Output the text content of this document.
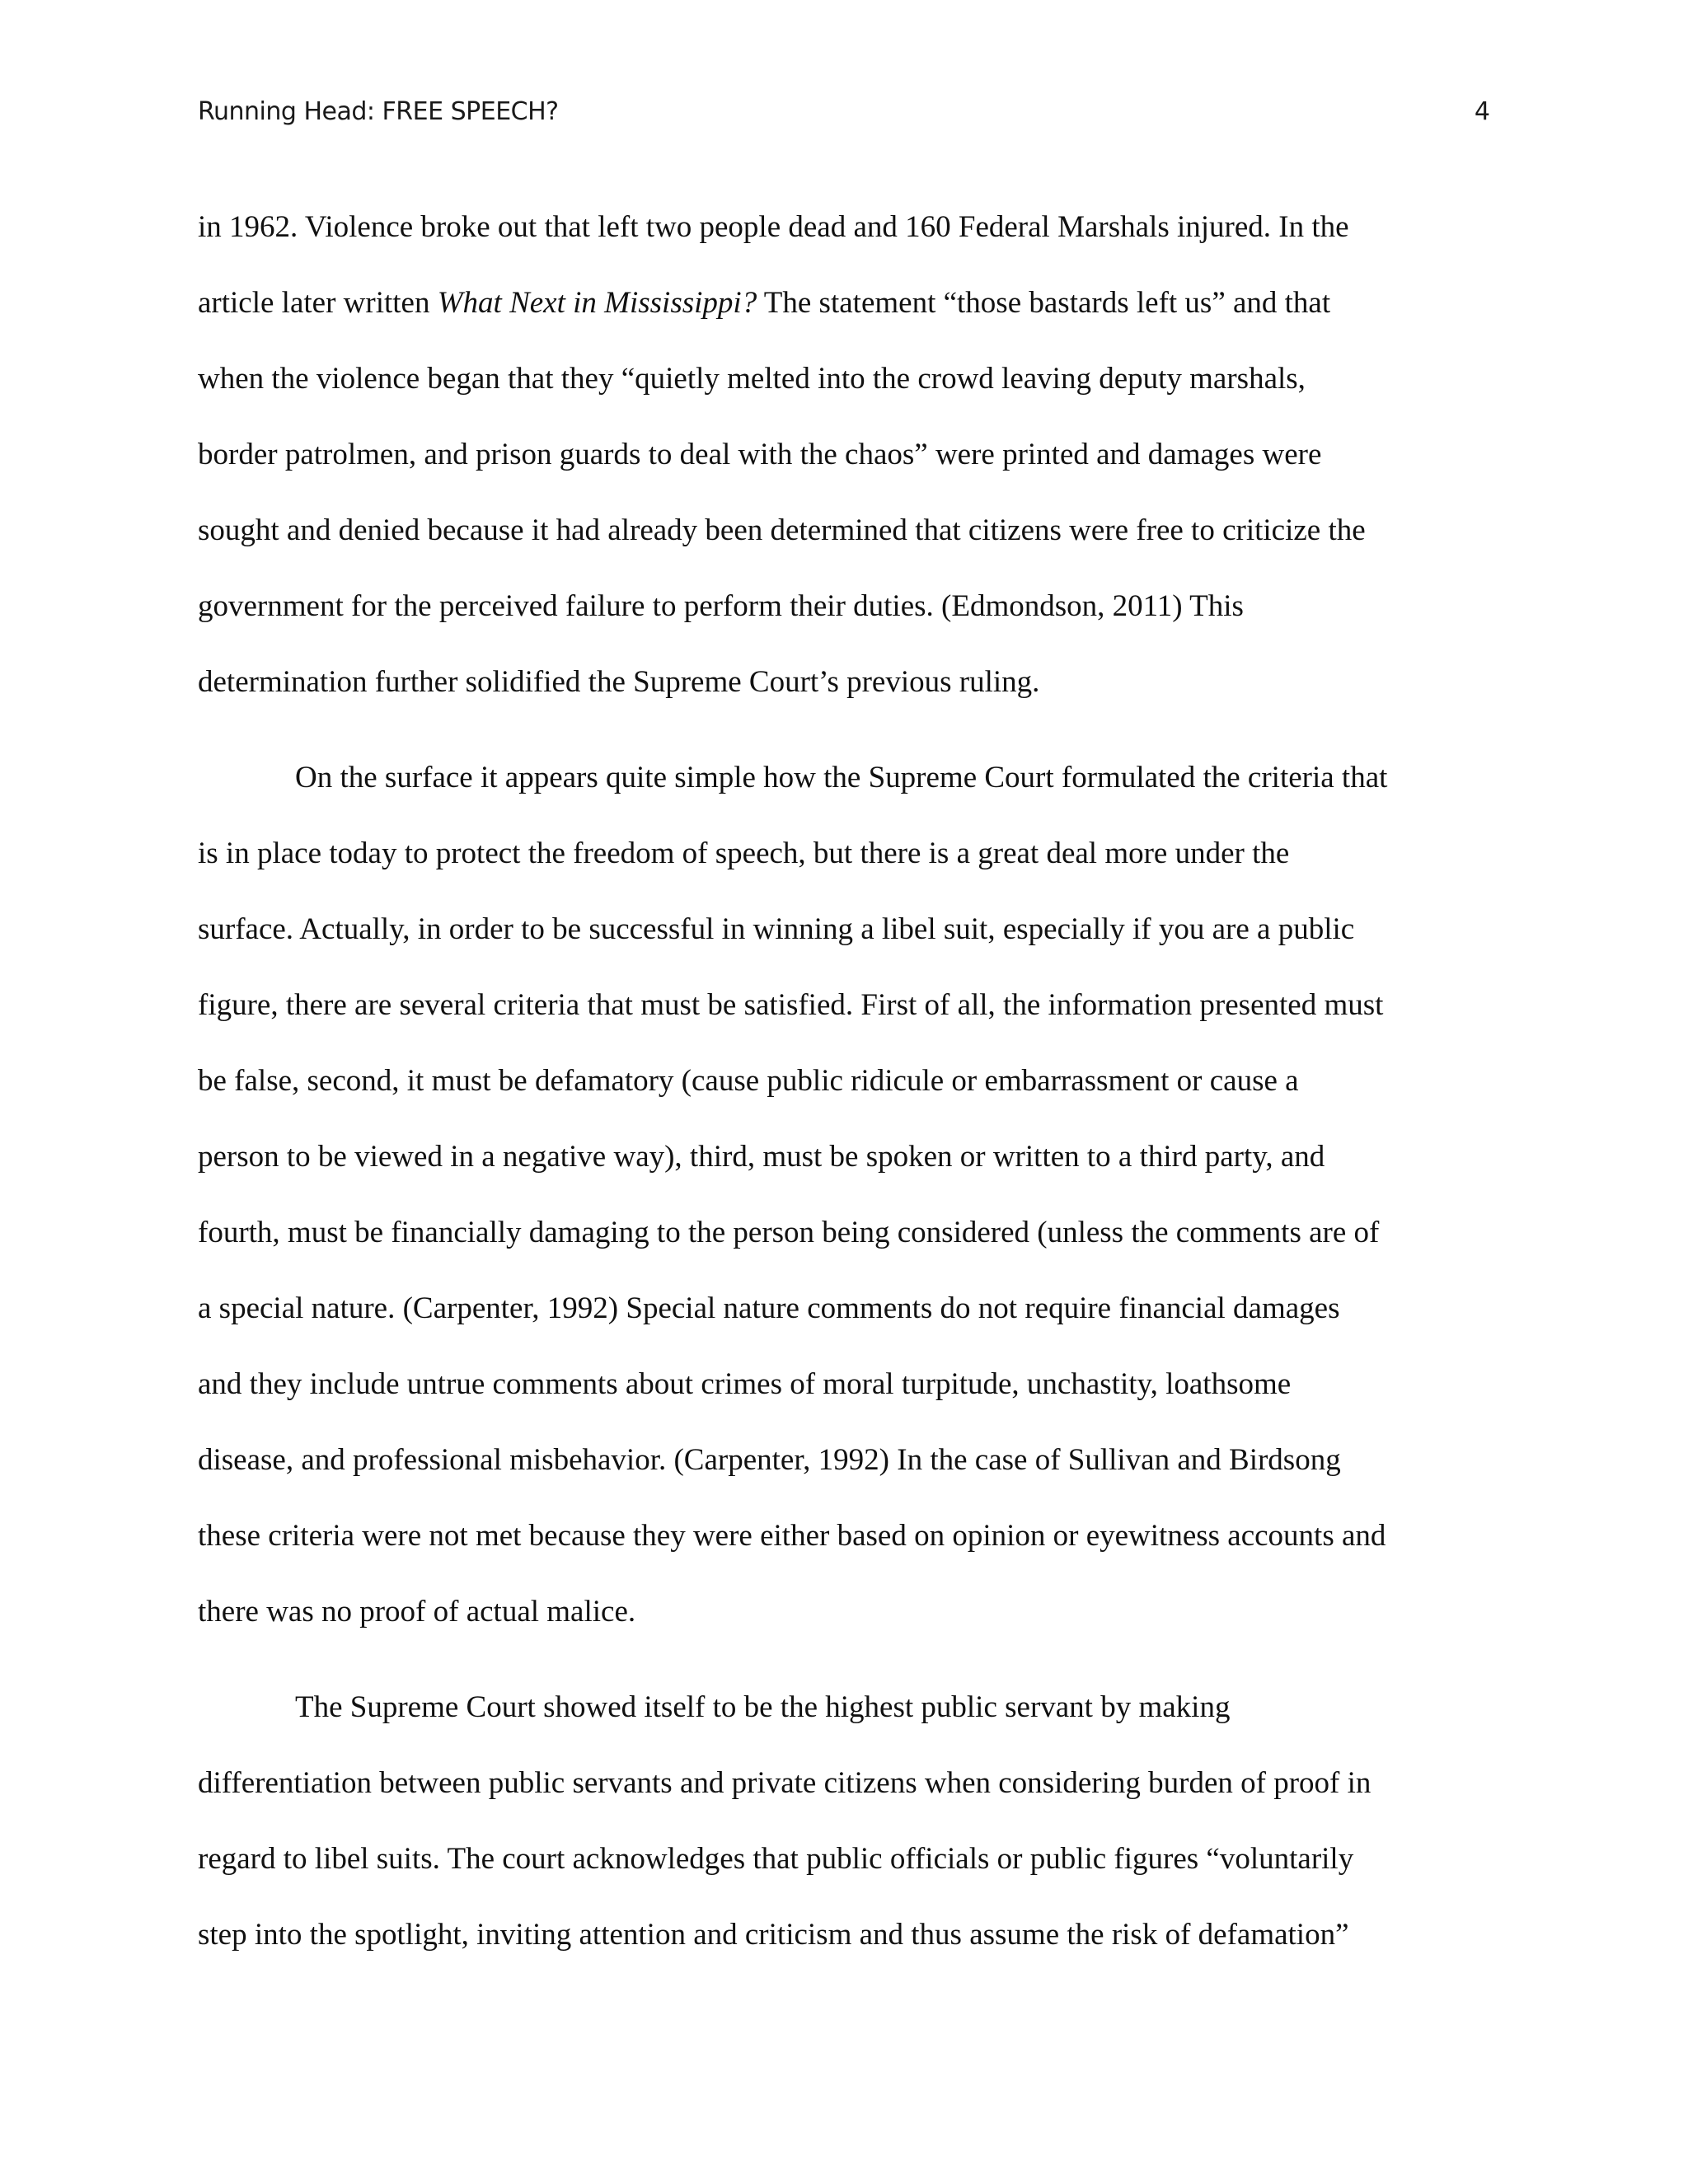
Running Head: FREE SPEECH?	4
in 1962. Violence broke out that left two people dead and 160 Federal Marshals injured. In the
article later written What Next in Mississippi? The statement “those bastards left us” and that
when the violence began that they “quietly melted into the crowd leaving deputy marshals,
border patrolmen, and prison guards to deal with the chaos” were printed and damages were
sought and denied because it had already been determined that citizens were free to criticize the
government for the perceived failure to perform their duties. (Edmondson, 2011) This
determination further solidified the Supreme Court’s previous ruling.
On the surface it appears quite simple how the Supreme Court formulated the criteria that
is in place today to protect the freedom of speech, but there is a great deal more under the
surface. Actually, in order to be successful in winning a libel suit, especially if you are a public
figure, there are several criteria that must be satisfied. First of all, the information presented must
be false, second, it must be defamatory (cause public ridicule or embarrassment or cause a
person to be viewed in a negative way), third, must be spoken or written to a third party, and
fourth, must be financially damaging to the person being considered (unless the comments are of
a special nature. (Carpenter, 1992) Special nature comments do not require financial damages
and they include untrue comments about crimes of moral turpitude, unchastity, loathsome
disease, and professional misbehavior. (Carpenter, 1992) In the case of Sullivan and Birdsong
these criteria were not met because they were either based on opinion or eyewitness accounts and
there was no proof of actual malice.
The Supreme Court showed itself to be the highest public servant by making
differentiation between public servants and private citizens when considering burden of proof in
regard to libel suits. The court acknowledges that public officials or public figures “voluntarily
step into the spotlight, inviting attention and criticism and thus assume the risk of defamation”
